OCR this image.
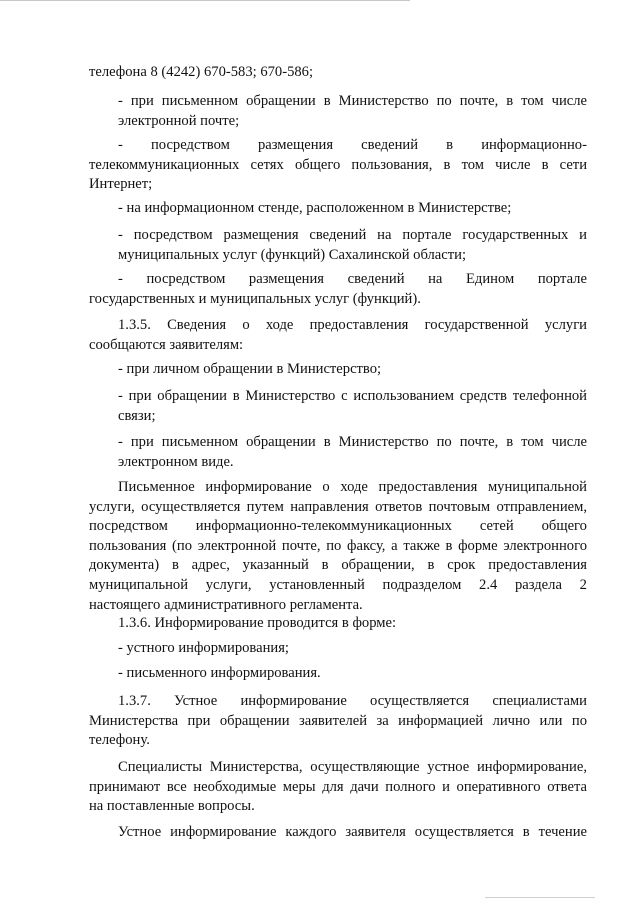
телефона 8 (4242) 670-583; 670-586;
- при письменном обращении в Министерство по почте, в том числе
электронной почте;
- посредством размещения сведений в информационно-
телекоммуникационных сетях общего пользования, в том числе в сети
Интернет;
- на информационном стенде, расположенном в Министерстве;
- посредством размещения сведений на портале государственных и
муниципальных услуг (функций) Сахалинской области;
- посредством размещения сведений на Едином портале
государственных и муниципальных услуг (функций).
1.3.5. Сведения о ходе предоставления государственной услуги
сообщаются заявителям:
- при личном обращении в Министерство;
- при обращении в Министерство с использованием средств телефонной
связи;
- при письменном обращении в Министерство по почте, в том числе
электронном виде.
Письменное информирование о ходе предоставления муниципальной
услуги, осуществляется путем направления ответов почтовым отправлением,
посредством информационно-телекоммуникационных сетей общего
пользования (по электронной почте, по факсу, а также в форме электронного
документа) в адрес, указанный в обращении, в срок предоставления
муниципальной услуги, установленный подразделом 2.4 раздела 2
настоящего административного регламента.
1.3.6. Информирование проводится в форме:
- устного информирования;
- письменного информирования.
1.3.7. Устное информирование осуществляется специалистами
Министерства при обращении заявителей за информацией лично или по
телефону.
Специалисты Министерства, осуществляющие устное информирование,
принимают все необходимые меры для дачи полного и оперативного ответа
на поставленные вопросы.
Устное информирование каждого заявителя осуществляется в течение
